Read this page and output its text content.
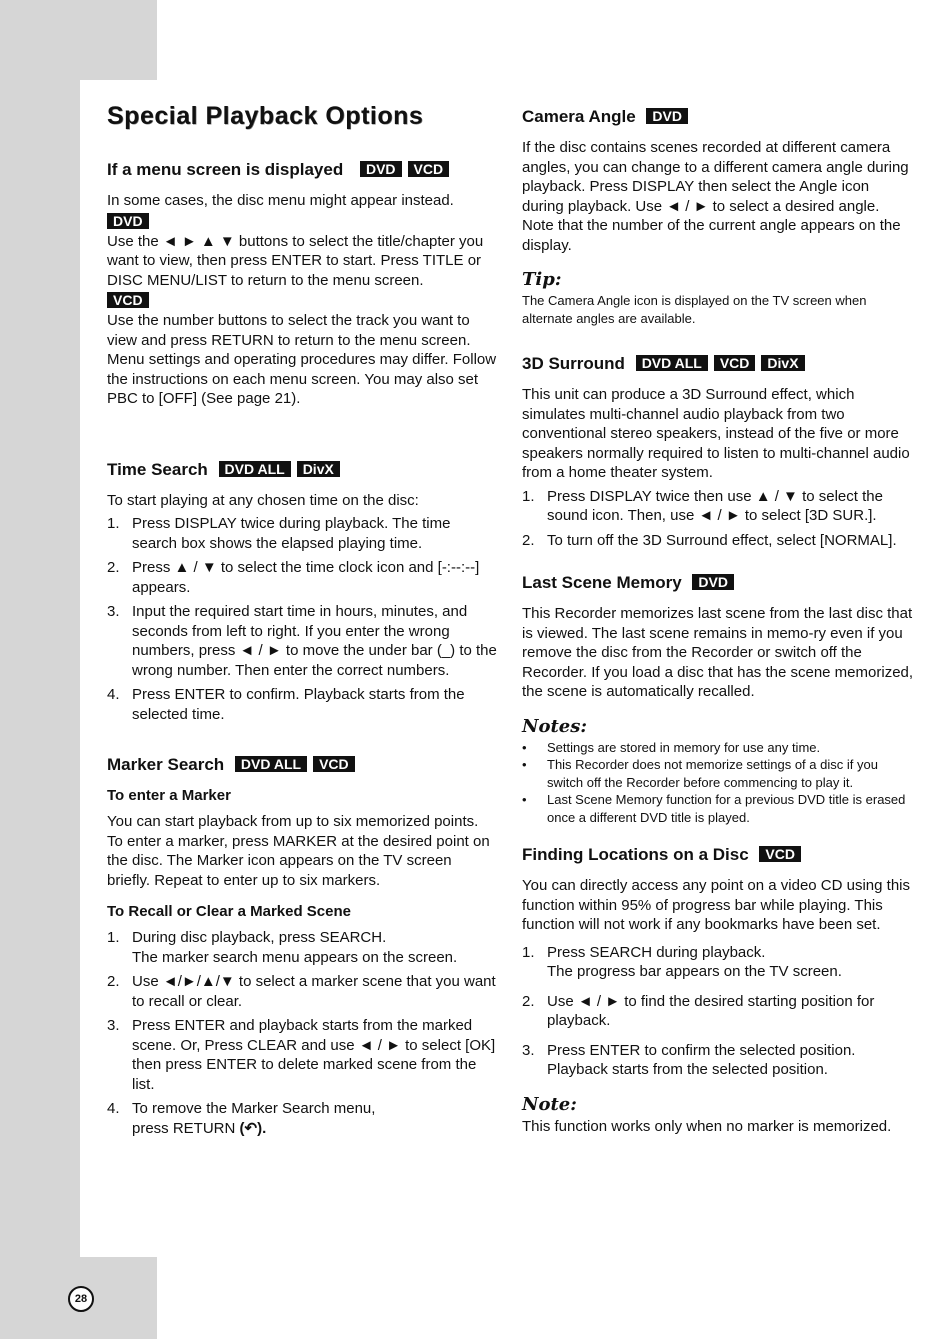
Special Playback Options
If a menu screen is displayed DVD VCD

In some cases, the disc menu might appear instead.

DVD

Use the ◄ ► ▲ ▼ buttons to select the title/chapter you want to view, then press ENTER to start. Press TITLE or DISC MENU/LIST to return to the menu screen.

VCD

Use the number buttons to select the track you want to view and press RETURN to return to the menu screen. Menu settings and operating procedures may differ. Follow the instructions on each menu screen. You may also set PBC to [OFF] (See page 21).

Time Search DVD ALL DivX

To start playing at any chosen time on the disc:

1. Press DISPLAY twice during playback. The time search box shows the elapsed playing time.
2. Press ▲ / ▼ to select the time clock icon and [-:--:--] appears.
3. Input the required start time in hours, minutes, and seconds from left to right. If you enter the wrong numbers, press ◄ / ► to move the under bar (_) to the wrong number. Then enter the correct numbers.
4. Press ENTER to confirm. Playback starts from the selected time.
Marker Search DVD ALL VCD
To enter a Marker

You can start playback from up to six memorized points. To enter a marker, press MARKER at the desired point on the disc. The Marker icon appears on the TV screen briefly. Repeat to enter up to six markers.

To Recall or Clear a Marked Scene
1. During disc playback, press SEARCH.
The marker search menu appears on the screen.
2. Use ◄/►/▲/▼ to select a marker scene that you want to recall or clear.
3. Press ENTER and playback starts from the marked scene. Or, Press CLEAR and use ◄ / ► to select [OK] then press ENTER to delete marked scene from the list.
4. To remove the Marker Search menu,
press RETURN (↶).
Camera Angle DVD

If the disc contains scenes recorded at different camera angles, you can change to a different camera angle during playback. Press DISPLAY then select the Angle icon during playback. Use ◄ / ► to select a desired angle. Note that the number of the current angle appears on the display.

Tip:

The Camera Angle icon is displayed on the TV screen when alternate angles are available.

3D Surround DVD ALL VCD DivX

This unit can produce a 3D Surround effect, which simulates multi-channel audio playback from two conventional stereo speakers, instead of the five or more speakers normally required to listen to multi-channel audio from a home theater system.

1. Press DISPLAY twice then use ▲ / ▼ to select the sound icon. Then, use ◄ / ► to select [3D SUR.].
2. To turn off the 3D Surround effect, select [NORMAL].
Last Scene Memory DVD

This Recorder memorizes last scene from the last disc that is viewed. The last scene remains in memo-ry even if you remove the disc from the Recorder or switch off the Recorder. If you load a disc that has the scene memorized, the scene is automatically recalled.

Notes:
• Settings are stored in memory for use any time.
• This Recorder does not memorize settings of a disc if you switch off the Recorder before commencing to play it.
• Last Scene Memory function for a previous DVD title is erased once a different DVD title is played.
Finding Locations on a Disc VCD

You can directly access any point on a video CD using this function within 95% of progress bar while playing. This function will not work if any bookmarks have been set.

1. Press SEARCH during playback.
The progress bar appears on the TV screen.
2. Use ◄ / ► to find the desired starting position for playback.
3. Press ENTER to confirm the selected position. Playback starts from the selected position.
Note:

This function works only when no marker is memorized.

28
